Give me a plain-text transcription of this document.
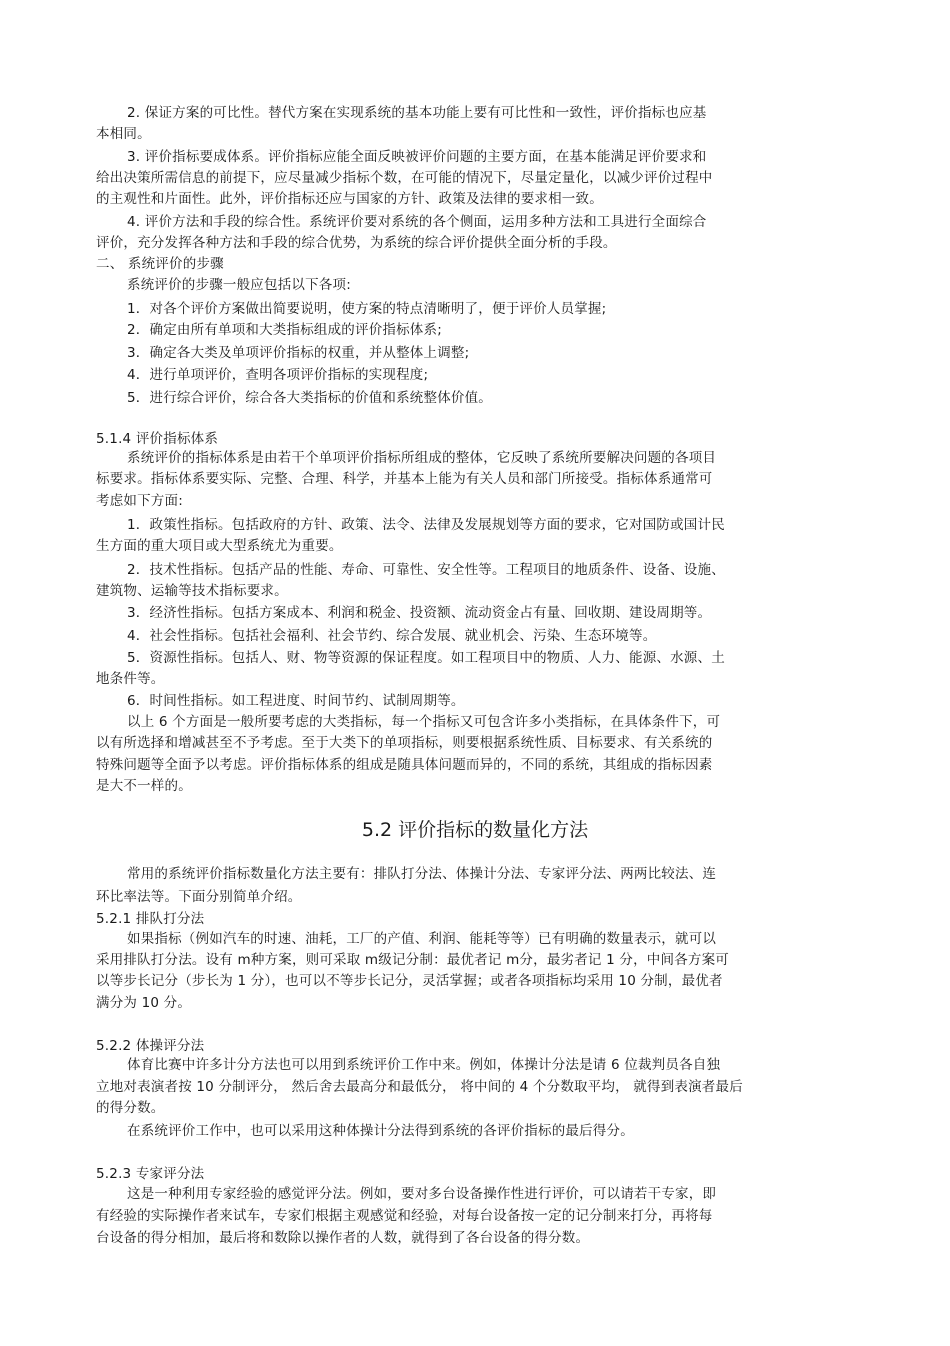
2. 保证方案的可比性。替代方案在实现系统的基本功能上要有可比性和一致性，评价指标也应基
本相同。
3. 评价指标要成体系。评价指标应能全面反映被评价问题的主要方面，在基本能满足评价要求和
给出决策所需信息的前提下，应尽量减少指标个数，在可能的情况下，尽量定量化，以减少评价过程中
的主观性和片面性。此外，评价指标还应与国家的方针、政策及法律的要求相一致。
4. 评价方法和手段的综合性。系统评价要对系统的各个侧面，运用多种方法和工具进行全面综合
评价，充分发挥各种方法和手段的综合优势，为系统的综合评价提供全面分析的手段。
二、 系统评价的步骤
系统评价的步骤一般应包括以下各项:
1．对各个评价方案做出简要说明，使方案的特点清晰明了，便于评价人员掌握;
2．确定由所有单项和大类指标组成的评价指标体系;
3．确定各大类及单项评价指标的权重，并从整体上调整;
4．进行单项评价，查明各项评价指标的实现程度;
5．进行综合评价，综合各大类指标的价值和系统整体价值。
5.1.4 评价指标体系
系统评价的指标体系是由若干个单项评价指标所组成的整体，它反映了系统所要解决问题的各项目
标要求。指标体系要实际、完整、合理、科学，并基本上能为有关人员和部门所接受。指标体系通常可
考虑如下方面:
1．政策性指标。包括政府的方针、政策、法令、法律及发展规划等方面的要求，它对国防或国计民
生方面的重大项目或大型系统尤为重要。
2．技术性指标。包括产品的性能、寿命、可靠性、安全性等。工程项目的地质条件、设备、设施、
建筑物、运输等技术指标要求。
3．经济性指标。包括方案成本、利润和税金、投资额、流动资金占有量、回收期、建设周期等。
4．社会性指标。包括社会福利、社会节约、综合发展、就业机会、污染、生态环境等。
5．资源性指标。包括人、财、物等资源的保证程度。如工程项目中的物质、人力、能源、水源、土
地条件等。
6．时间性指标。如工程进度、时间节约、试制周期等。
以上 6 个方面是一般所要考虑的大类指标，每一个指标又可包含许多小类指标，在具体条件下，可
以有所选择和增减甚至不予考虑。至于大类下的单项指标，则要根据系统性质、目标要求、有关系统的
特殊问题等全面予以考虑。评价指标体系的组成是随具体问题而异的，不同的系统，其组成的指标因素
是大不一样的。
5.2 评价指标的数量化方法
常用的系统评价指标数量化方法主要有：排队打分法、体操计分法、专家评分法、两两比较法、连
环比率法等。下面分别简单介绍。
5.2.1 排队打分法
如果指标（例如汽车的时速、油耗，工厂的产值、利润、能耗等等）已有明确的数量表示，就可以
采用排队打分法。设有 m种方案，则可采取 m级记分制：最优者记 m分，最劣者记 1 分，中间各方案可
以等步长记分（步长为 1 分），也可以不等步长记分，灵活掌握；或者各项指标均采用 10 分制，最优者
满分为 10 分。
5.2.2 体操评分法
体育比赛中许多计分方法也可以用到系统评价工作中来。例如，体操计分法是请 6 位裁判员各自独
立地对表演者按 10 分制评分， 然后舍去最高分和最低分， 将中间的 4 个分数取平均， 就得到表演者最后
的得分数。
在系统评价工作中，也可以采用这种体操计分法得到系统的各评价指标的最后得分。
5.2.3 专家评分法
这是一种利用专家经验的感觉评分法。例如，要对多台设备操作性进行评价，可以请若干专家，即
有经验的实际操作者来试车，专家们根据主观感觉和经验，对每台设备按一定的记分制来打分，再将每
台设备的得分相加，最后将和数除以操作者的人数，就得到了各台设备的得分数。
